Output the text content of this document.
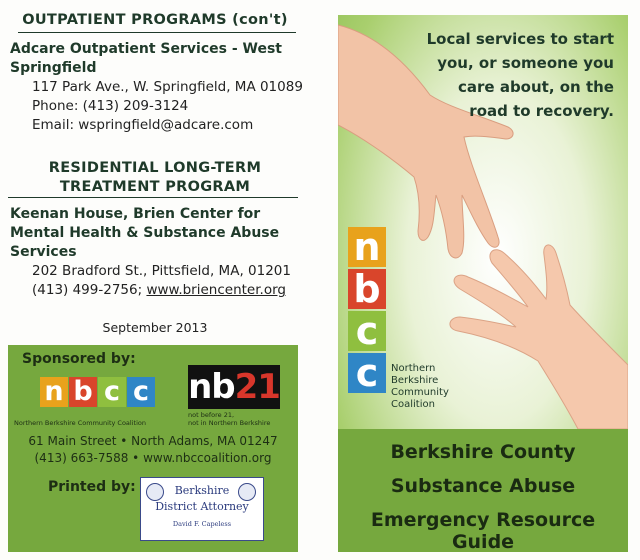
OUTPATIENT PROGRAMS (con't)
Adcare Outpatient Services - West
Springfield
117 Park Ave., W. Springfield, MA 01089
Phone: (413) 209-3124
Email: wspringfield@adcare.com
RESIDENTIAL LONG-TERM
TREATMENT PROGRAM
Keenan House, Brien Center for
Mental Health & Substance Abuse
Services
202 Bradford St., Pittsfield, MA, 01201
(413) 499-2756; www.briencenter.org
September 2013
Sponsored by:
n b c c
Northern Berkshire Community Coalition
nb21
not before 21,
not in Northern Berkshire
61 Main Street • North Adams, MA 01247
(413) 663-7588 • www.nbccoalition.org
Printed by:	Berkshire
District Attorney
David F. Capeless
Local services to start
you, or someone you
care about, on the
road to recovery.
n
b
c
c	Northern
Berkshire
Community
Coalition
Berkshire County
Substance Abuse
Emergency Resource Guide
